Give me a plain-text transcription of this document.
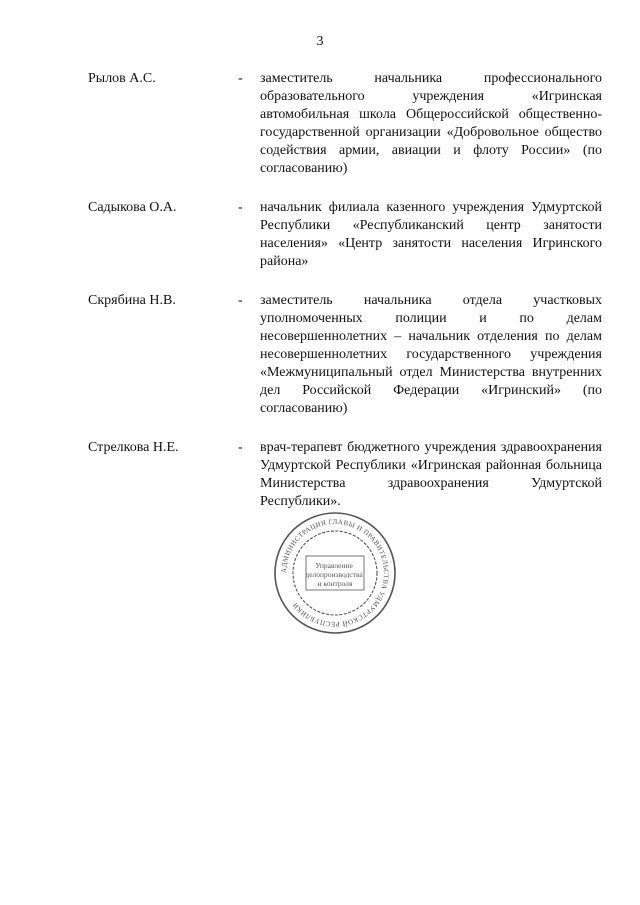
3
Рылов А.С.	-	заместитель начальника профессионального образовательного учреждения «Игринская автомобильная школа Общероссийской общественно-государственной организации «Добровольное общество содействия армии, авиации и флоту России» (по согласованию)
Садыкова О.А.	-	начальник филиала казенного учреждения Удмуртской Республики «Республиканский центр занятости населения» «Центр занятости населения Игринского района»
Скрябина Н.В.	-	заместитель начальника отдела участковых уполномоченных полиции и по делам несовершеннолетних – начальник отделения по делам несовершеннолетних государственного учреждения «Межмуниципальный отдел Министерства внутренних дел Российской Федерации «Игринский» (по согласованию)
Стрелкова Н.Е.	-	врач-терапевт бюджетного учреждения здравоохранения Удмуртской Республики «Игринская районная больница Министерства здравоохранения Удмуртской Республики».
АДМИНИСТРАЦИЯ ГЛАВЫ И ПРАВИТЕЛЬСТВА УДМУРТСКОЙ РЕСПУБЛИКИ
Управление делопроизводства и контроля
